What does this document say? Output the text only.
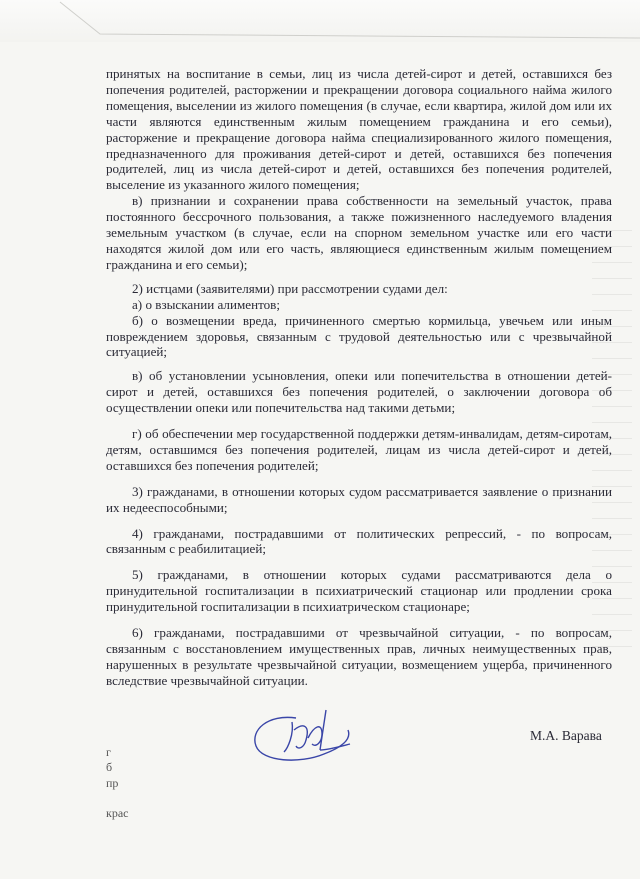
принятых на воспитание в семьи, лиц из числа детей-сирот и детей, оставшихся без попечения родителей, расторжении и прекращении договора социального найма жилого помещения, выселении из жилого помещения (в случае, если квартира, жилой дом или их части являются единственным жилым помещением гражданина и его семьи), расторжение и прекращение договора найма специализированного жилого помещения, предназначенного для проживания детей-сирот и детей, оставшихся без попечения родителей, лиц из числа детей-сирот и детей, оставшихся без попечения родителей, выселение из указанного жилого помещения;

в) признании и сохранении права собственности на земельный участок, права постоянного бессрочного пользования, а также пожизненного наследуемого владения земельным участком (в случае, если на спорном земельном участке или его части находятся жилой дом или его часть, являющиеся единственным жилым помещением гражданина и его семьи);

2) истцами (заявителями) при рассмотрении судами дел:

а) о взыскании алиментов;

б) о возмещении вреда, причиненного смертью кормильца, увечьем или иным повреждением здоровья, связанным с трудовой деятельностью или с чрезвычайной ситуацией;

в) об установлении усыновления, опеки или попечительства в отношении детей-сирот и детей, оставшихся без попечения родителей, о заключении договора об осуществлении опеки или попечительства над такими детьми;

г) об обеспечении мер государственной поддержки детям-инвалидам, детям-сиротам, детям, оставшимся без попечения родителей, лицам из числа детей-сирот и детей, оставшихся без попечения родителей;

3) гражданами, в отношении которых судом рассматривается заявление о признании их недееспособными;

4) гражданами, пострадавшими от политических репрессий, - по вопросам, связанным с реабилитацией;

5) гражданами, в отношении которых судами рассматриваются дела о принудительной госпитализации в психиатрический стационар или продлении срока принудительной госпитализации в психиатрическом стационаре;

6) гражданами, пострадавшими от чрезвычайной ситуации, - по вопросам, связанным с восстановлением имущественных прав, личных неимущественных прав, нарушенных в результате чрезвычайной ситуации, возмещением ущерба, причиненного вследствие чрезвычайной ситуации.

М.А. Варава
г
б
пр
крас
